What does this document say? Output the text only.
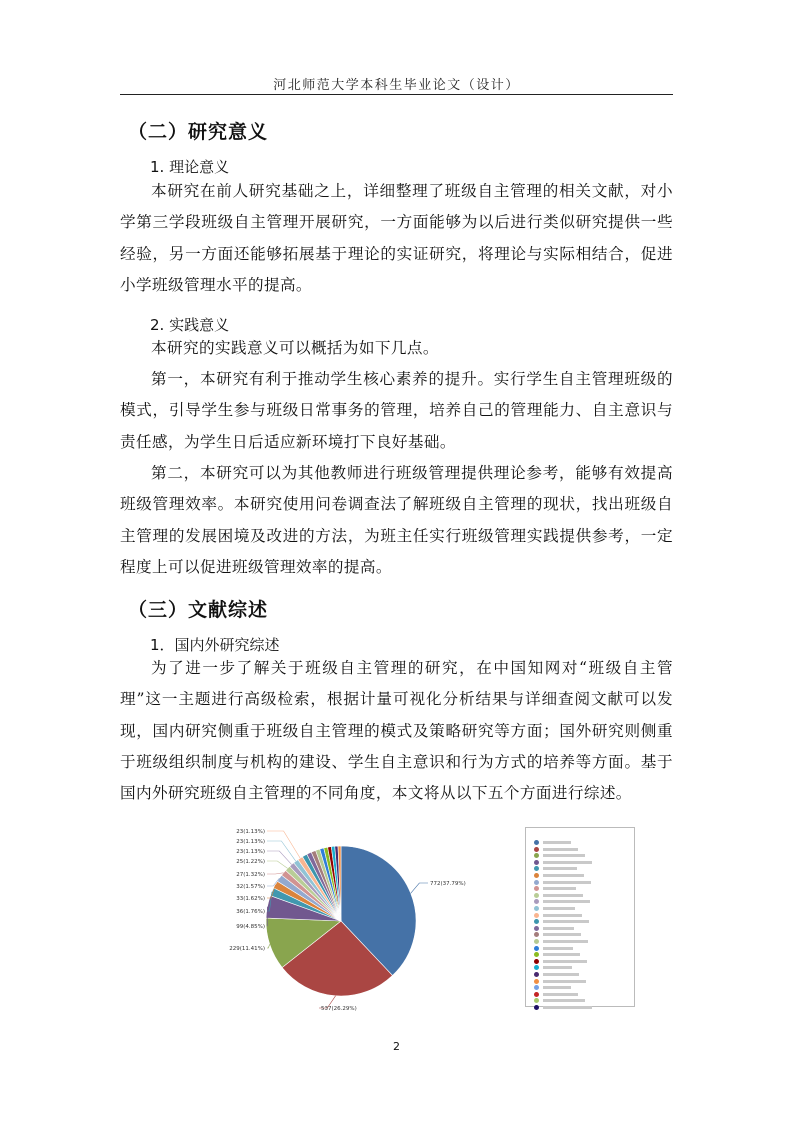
河北师范大学本科生毕业论文（设计）
（二）研究意义
1. 理论意义

本研究在前人研究基础之上，详细整理了班级自主管理的相关文献，对小学第三学段班级自主管理开展研究，一方面能够为以后进行类似研究提供一些经验，另一方面还能够拓展基于理论的实证研究，将理论与实际相结合，促进小学班级管理水平的提高。

2. 实践意义

本研究的实践意义可以概括为如下几点。

第一，本研究有利于推动学生核心素养的提升。实行学生自主管理班级的模式，引导学生参与班级日常事务的管理，培养自己的管理能力、自主意识与责任感，为学生日后适应新环境打下良好基础。

第二，本研究可以为其他教师进行班级管理提供理论参考，能够有效提高班级管理效率。本研究使用问卷调查法了解班级自主管理的现状，找出班级自主管理的发展困境及改进的方法，为班主任实行班级管理实践提供参考，一定程度上可以促进班级管理效率的提高。

（三）文献综述
1．国内外研究综述

为了进一步了解关于班级自主管理的研究，在中国知网对“班级自主管理”这一主题进行高级检索，根据计量可视化分析结果与详细查阅文献可以发现，国内研究侧重于班级自主管理的模式及策略研究等方面；国外研究则侧重于班级组织制度与机构的建设、学生自主意识和行为方式的培养等方面。基于国内外研究班级自主管理的不同角度，本文将从以下五个方面进行综述。

772(37.79%)
537(26.29%)
229(11.41%)
99(4.85%)
36(1.76%)
33(1.62%)
32(1.57%)
27(1.32%)
25(1.22%)
23(1.13%)
23(1.13%)
23(1.13%)
2
